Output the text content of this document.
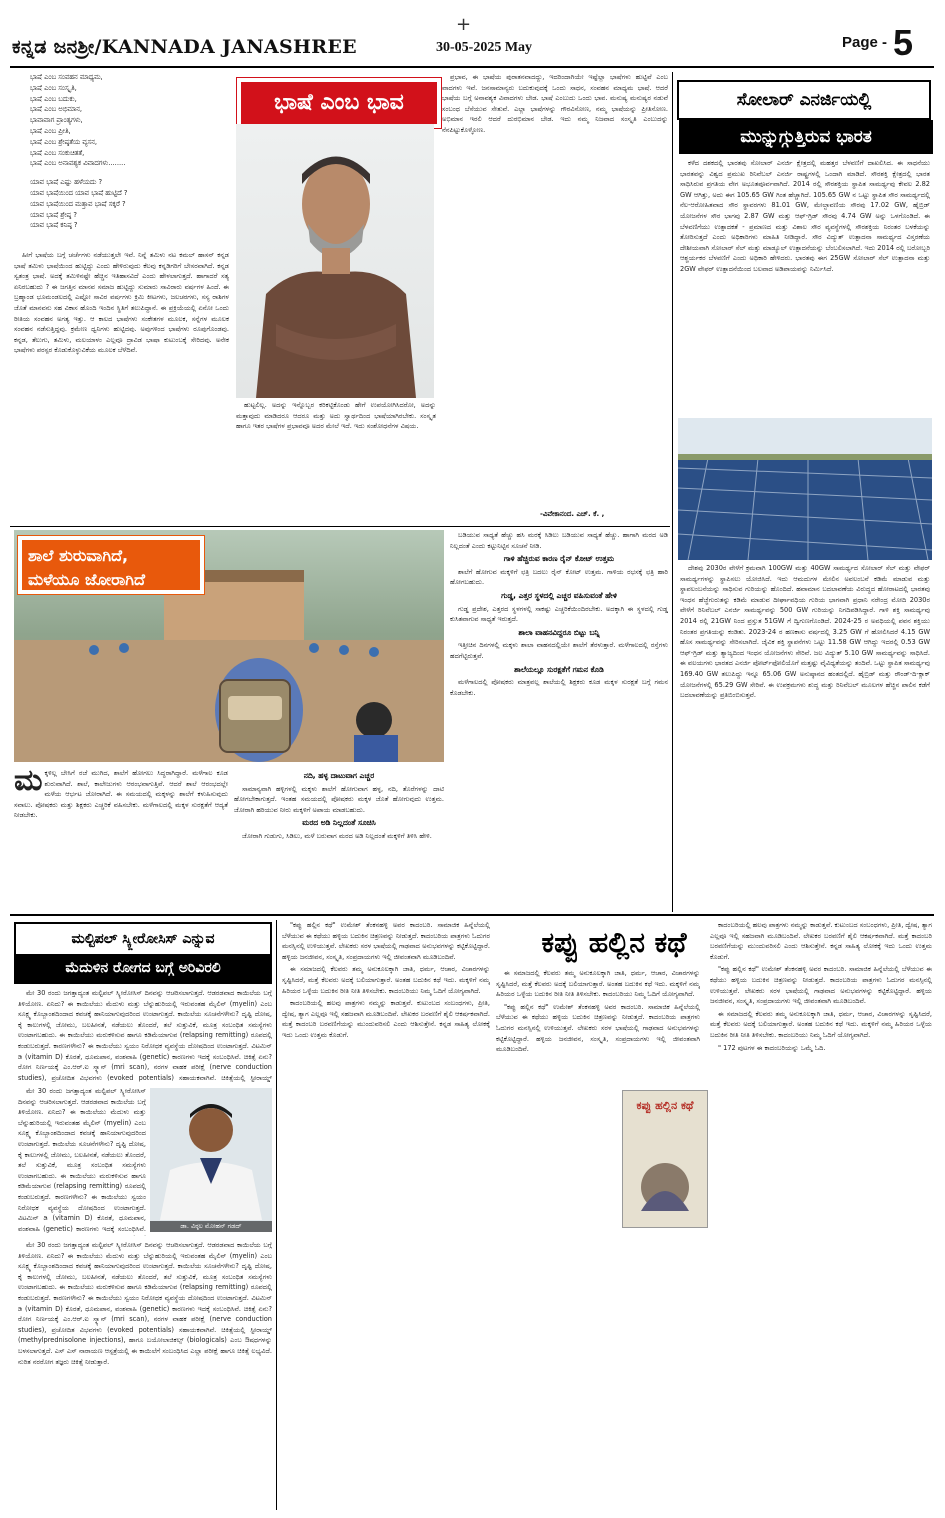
+
ಕನ್ನಡ ಜನಶ್ರೀ/KANNADA JANASHREE	30-05-2025 May	Page - 5
ಭಾಷೆ ಎಂಬ ಸಂವಹನ ಮಾಧ್ಯಮ,
ಭಾಷೆ ಎಂಬ ಸಂಸ್ಕೃತಿ,
ಭಾಷೆ ಎಂಬ ಬದುಕು,
ಭಾಷೆ ಎಂಬ ಅಭಿಮಾನ,
ಭಾವಾವಾಗ ಪ್ರಾಂತ್ಯಗಳು,
ಭಾಷೆ ಎಂಬ ಪ್ರೀತಿ,
ಭಾಷೆ ಎಂಬ ಶ್ರೇಷ್ಠತೆಯ ವ್ಯಸನ,
ಭಾಷೆ ಎಂಬ ಸಂಕುಚಿತತೆ,
ಭಾಷೆ ಎಂಬ ಅನಾವಶ್ಯಕ ವಿವಾದಗಳು........
ಯಾವ ಭಾಷೆ ಎಷ್ಟು ಹಳೆಯದು ?
ಯಾವ ಭಾಷೆಯಿಂದ ಯಾವ ಭಾಷೆ ಹುಟ್ಟಿದೆ ?
ಯಾವ ಭಾಷೆಯಿಂದ ಮತ್ತಾವ ಭಾಷೆ ಸಕ್ಕರೆ ?
ಯಾವ ಭಾಷೆ ಶ್ರೇಷ್ಠ ?
ಯಾವ ಭಾಷೆ ಕನಿಷ್ಠ ?

ಹೀಗೆ ಭಾಷೆಯ ಬಗ್ಗೆ ಚರ್ಚೆಗಳು ನಡೆಯುತ್ತಲೇ ಇವೆ. ನಿನ್ನೆ ತಮಿಳು ನಟ ಕಮಲ್ ಹಾಸನ್ ಕನ್ನಡ ಭಾಷೆ ತಮಿಳು ಭಾಷೆಯಿಂದ ಹುಟ್ಟಿದ್ದು ಎಂದು ಹೇಳಿರುವುದು ಕೆಲವು ಕನ್ನಡಿಗರಿಗೆ ಬೇಸರವಾಗಿದೆ. ಕನ್ನಡ ಸ್ವತಂತ್ರ ಭಾಷೆ. ಅದಕ್ಕೆ ತಮಿಳಿನಷ್ಟೇ ಹೆಚ್ಚಿನ ಇತಿಹಾಸವಿದೆ ಎಂದು ಹೇಳಲಾಗುತ್ತದೆ. ಹಾಗಾದರೆ ಸತ್ಯ ಏನಿರಬಹುದು ? ಈ ಜಗತ್ತಿನ ಮಾನವ ಸಮಾಜ ಹುಟ್ಟಿದ್ದು ಸುಮಾರು ಸಾವಿರಾರು ವರ್ಷಗಳ ಹಿಂದೆ. ಈ ಬ್ರಹ್ಮಾಂಡ ಭೂಮಂಡಲದಲ್ಲಿ ಎಷ್ಟೋ ಸಾವಿರ ವರ್ಷಗಳು ಕ್ರಿಮಿ ಕೀಟಗಳು, ಜಲಚರಗಳು, ಸಸ್ಯ ರಾಶಿಗಳ ಜೊತೆ ಮಾನವನು ಸಹ ವಿಕಾಸ ಹೊಂದಿ ಇಂದಿನ ಸ್ಥಿತಿಗೆ ತಲುಪಿದ್ದಾನೆ. ಈ ಪ್ರಕ್ರಿಯೆಯಲ್ಲಿ ಏನೋ ಒಂದು ರೀತಿಯ ಸಂವಹನ ಅಗತ್ಯ ಇತ್ತು. ಆ ಕಾಲದ ಭಾಷೆಗಳು ಸಂಕೇತಗಳ ಮೂಲಕ, ಸನ್ನೆಗಳ ಮೂಲಕ ಸಂವಹನ ನಡೆಸುತ್ತಿದ್ದವು. ಕ್ರಮೇಣ ಧ್ವನಿಗಳು ಹುಟ್ಟಿದವು. ಅವುಗಳಿಂದ ಭಾಷೆಗಳು ರೂಪುಗೊಂಡವು. ಕನ್ನಡ, ತೆಲುಗು, ತಮಿಳು, ಮಲಯಾಳಂ ಎಲ್ಲವೂ ದ್ರಾವಿಡ ಭಾಷಾ ಕುಟುಂಬಕ್ಕೆ ಸೇರಿದವು. ಅನೇಕ ಭಾಷೆಗಳು ಪರಸ್ಪರ ಕೊಡುಕೊಳ್ಳುವಿಕೆಯ ಮೂಲಕ ಬೆಳೆದಿವೆ.

ಭಾಷೆ ಎಂಬ ಭಾವ

ಹುಟ್ಟಲಿಲ್ಲ. ಅದನ್ನು ಇನ್ನೊಬ್ಬರ ಕರಿಕಟ್ಟಿಕೊಂಡು ಹೇಗೆ ಉಪಯೋಗಿಸಿದರೋ, ಅದನ್ನು ಮತ್ತಾವುದು ಮಾಡಿದರೂ ಆದರೂ ಮತ್ತು ಅದು ಸ್ವಾರ್ಥದಿಂದ ಭಾಷೆಯಾಗಿರಬೇಕು. ಸಂಸ್ಕೃತ ಹಾಗೂ ಇತರ ಭಾಷೆಗಳ ಪ್ರಭಾವವೂ ಅದರ ಮೇಲೆ ಇದೆ. ಇದು ಸಂಶೋಧನೆಗಳ ವಿಷಯ.

ಪ್ರಭಾವ, ಈ ಭಾಷೆಯ ಪುರಾತನವಾದದ್ದು, ಇದರಿಂದಾಗಿಯೇ ಇಷ್ಟೆಲ್ಲಾ ಭಾಷೆಗಳು ಹುಟ್ಟಿವೆ ಎಂಬ ವಾದಗಳು ಇವೆ. ಜನಸಾಮಾನ್ಯರು ಬದುಕುವುದಕ್ಕೆ ಒಂದು ಸಾಧನ, ಸಂವಹನ ಮಾಧ್ಯಮ ಭಾಷೆ. ಆದರೆ ಭಾಷೆಯ ಬಗ್ಗೆ ಅನಾವಶ್ಯಕ ವಿವಾದಗಳು ಬೇಡ. ಭಾಷೆ ಎಂಬುದು ಒಂದು ಭಾವ. ಮನುಷ್ಯ ಮನುಷ್ಯರ ನಡುವೆ ಸಂಬಂಧ ಬೆಸೆಯುವ ಸೇತುವೆ. ಎಲ್ಲಾ ಭಾಷೆಗಳನ್ನು ಗೌರವಿಸೋಣ, ನಮ್ಮ ಭಾಷೆಯನ್ನು ಪ್ರೀತಿಸೋಣ. ಅಭಿಮಾನ ಇರಲಿ ಆದರೆ ದುರಭಿಮಾನ ಬೇಡ. ಇದು ನಮ್ಮ ನಿಜವಾದ ಸಂಸ್ಕೃತಿ ಎಂಬುದನ್ನು ನೆನಪಿಟ್ಟುಕೊಳ್ಳೋಣ.

-ವಿವೇಕಾನಂದ. ಎಚ್. ಕೆ. ,
ಸೋಲಾರ್ ಎನರ್ಜಿಯಲ್ಲಿ
ಮುನ್ನುಗ್ಗುತ್ತಿರುವ ಭಾರತ

ಕಳೆದ ದಶಕದಲ್ಲಿ ಭಾರತವು ಸೋಲಾರ್ ಎನರ್ಜಿ ಕ್ಷೇತ್ರದಲ್ಲಿ ಮಹತ್ತರ ಬೆಳವಣಿಗೆ ದಾಖಲಿಸಿದ. ಈ ಸಾಧನೆಯು ಭಾರತವನ್ನು ವಿಶ್ವದ ಪ್ರಮುಖ ರಿನಿವೆಬಲ್ ಎನರ್ಜಿ ರಾಷ್ಟ್ರಗಳಲ್ಲಿ ಒಂದಾಗಿ ಮಾಡಿದೆ. ಸೌರಶಕ್ತಿ ಕ್ಷೇತ್ರದಲ್ಲಿ ಭಾರತ ಸಾಧಿಸಿರುವ ಪ್ರಗತಿಯ ವೇಗ ಅಭೂತಪೂರ್ವವಾಗಿದೆ. 2014 ರಲ್ಲಿ ಸೌರಶಕ್ತಿಯ ಸ್ಥಾಪಿತ ಸಾಮರ್ಥ್ಯವು ಕೇವಲ 2.82 GW ಆಗಿತ್ತು, ಅದು ಈಗ 105.65 GW ಗಿಂತ ಹೆಚ್ಚಾಗಿದೆ. 105.65 GW ನ ಒಟ್ಟು ಸ್ಥಾಪಿತ ಸೌರ ಸಾಮರ್ಥ್ಯದಲ್ಲಿ ನೆಲ-ಆರೋಹಿತವಾದ ಸೌರ ಸ್ಥಾವರಗಳು 81.01 GW, ಮೇಲ್ಛಾವಣಿಯ ಸೌರವು 17.02 GW, ಹೈಬ್ರಿಡ್ ಯೋಜನೆಗಳ ಸೌರ ಭಾಗವು 2.87 GW ಮತ್ತು ಆಫ್-ಗ್ರಿಡ್ ಸೌರವು 4.74 GW ಅನ್ನು ಒಳಗೊಂಡಿದೆ. ಈ ಬೆಳವಣಿಗೆಯು ಉತ್ಪಾದಕತೆ - ಪ್ರಮಾಣದ ಮತ್ತು ವಿಶಾಲ ಸೌರ ವ್ಯವಸ್ಥೆಗಳಲ್ಲಿ ಸೌರಶಕ್ತಿಯ ನಿರಂತರ ಬಳಕೆಯನ್ನು ತೋರಿಸುತ್ತದೆ ಎಂದು ಅಧಿಕಾರಿಗಳು ಮಾಹಿತಿ ನೀಡಿದ್ದಾರೆ. ಸೌರ ವಿದ್ಯುತ್ ಉತ್ಪಾದನಾ ಸಾಮರ್ಥ್ಯದ ವಿಸ್ತರಣೆಯ ದೇಶೀಯವಾಗಿ ಸೋಲಾರ್ ಸೆಲ್ ಮತ್ತು ಮಾಡ್ಯೂಲ್ ಉತ್ಪಾದನೆಯನ್ನು ಬೆಂಬಲಿಸಲಾಗಿದೆ. ಇದು 2014 ರಲ್ಲಿ ಬರೋಬ್ಬರಿ ಆಶ್ಚರ್ಯಕರ ಬೆಳವಣಿಗೆ ಎಂದು ಅಧಿಕಾರಿ ಹೇಳಿದರು. ಭಾರತವು ಈಗ 25GW ಸೋಲಾರ್ ಸೆಲ್ ಉತ್ಪಾದನಾ ಮತ್ತು 2GW ವೇಫರ್ ಉತ್ಪಾದನೆಯಿಂದ ಬಲವಾದ ಅಡಿಪಾಯವನ್ನು ನಿರ್ಮಿಸಿದೆ.

ದೇಶವು 2030ರ ವೇಳೆಗೆ ಕ್ರಮವಾಗಿ 100GW ಮತ್ತು 40GW ಸಾಮರ್ಥ್ಯದ ಸೋಲಾರ್ ಸೆಲ್ ಮತ್ತು ವೇಫರ್ ಸಾಮರ್ಥ್ಯಗಳನ್ನು ಸ್ಥಾಪಿಸಲು ಯೋಜಿಸಿದೆ. ಇದು ಆಮದುಗಳ ಮೇಲಿನ ಅವಲಂಬನೆ ಕಡಿಮೆ ಮಾಡುವ ಮತ್ತು ಸ್ಥಾಪಲಂಬನೆಯನ್ನು ಸಾಧಿಸುವ ಗುರಿಯನ್ನು ಹೊಂದಿದೆ. ಹವಾಮಾನ ಬದಲಾವಣೆಯ ವಿರುದ್ಧದ ಹೋರಾಟದಲ್ಲಿ ಭಾರತವು ಇಂಧನ ಹೆಜ್ಜೆಗುರುತನ್ನು ಕಡಿಮೆ ಮಾಡುವ ದೀರ್ಘಾವಧಿಯ ಗುರಿಯ ಭಾಗವಾಗಿ ಪ್ರಧಾನಿ ನರೇಂದ್ರ ಮೋದಿ 2030ರ ವೇಳೆಗೆ ರಿನಿವೆಬಲ್ ಎನರ್ಜಿ ಸಾಮರ್ಥ್ಯವನ್ನು 500 GW ಗುರಿಯನ್ನು ನಿಗದಿಪಡಿಸಿದ್ದಾರೆ. ಗಾಳಿ ಶಕ್ತಿ ಸಾಮರ್ಥ್ಯವು 2014 ರಲ್ಲಿ 21GW ನಿಂದ ಪ್ರಸ್ತುತ 51GW ಗೆ ದ್ವಿಗುಣಗೊಂಡಿದೆ. 2024-25 ರ ಅವಧಿಯಲ್ಲಿ ಪವನ ಶಕ್ತಿಯು ನಿರಂತರ ಪ್ರಗತಿಯನ್ನು ಕಂಡಿತು. 2023-24 ರ ಹಣಕಾಸು ವರ್ಷದಲ್ಲಿ 3.25 GW ಗೆ ಹೋಲಿಸಿದರೆ 4.15 GW ಹೊಸ ಸಾಮರ್ಥ್ಯವನ್ನು ಸೇರಿಸಲಾಗಿದೆ. ಜೈವಿಕ ಶಕ್ತಿ ಸ್ಥಾಪನೆಗಳು ಒಟ್ಟು 11.58 GW ಆಗಿದ್ದು ಇದರಲ್ಲಿ 0.53 GW ಆಫ್-ಗ್ರಿಡ್ ಮತ್ತು ತ್ಯಾಜ್ಯದಿಂದ ಇಂಧನ ಯೋಜನೆಗಳು ಸೇರಿವೆ. ಜಲ ವಿದ್ಯುತ್ 5.10 GW ಸಾಮರ್ಥ್ಯವನ್ನು ಸಾಧಿಸಿದೆ. ಈ ವಲಯಗಳು ಭಾರತದ ಎನರ್ಜಿ ಪೋರ್ಟ್‌ಫೋಲಿಯೊಗೆ ಮತ್ತಷ್ಟು ವೈವಿಧ್ಯತೆಯನ್ನು ತಂದಿವೆ. ಒಟ್ಟು ಸ್ಥಾಪಿತ ಸಾಮರ್ಥ್ಯವು 169.40 GW ತಲುಪಿದ್ದು ಇನ್ನೂ 65.06 GW ಅನುಷ್ಠಾನದ ಹಂತದಲ್ಲಿದೆ. ಹೈಬ್ರಿಡ್ ಮತ್ತು ರೌಂಡ್-ದಿ-ಕ್ಲಾಕ್ ಯೋಜನೆಗಳಲ್ಲಿ 65.29 GW ಸೇರಿವೆ. ಈ ಉಪಕ್ರಮಗಳು ಶುದ್ಧ ಮತ್ತು ರಿನಿವೆಬಲ್ ಮೂಲಗಳ ಹೆಚ್ಚಿನ ಪಾಲಿನ ಕಡೆಗೆ ಬದಲಾವಣೆಯನ್ನು ಪ್ರತಿಬಿಂಬಿಸುತ್ತವೆ.

ಶಾಲೆ ಶುರುವಾಗಿದೆ,
ಮಳೆಯೂ ಜೋರಾಗಿದೆ
ಮಕ್ಕಳಿಲ್ಲ ಬೇಸಿಗೆ ರಜೆ ಮುಗಿದ, ಶಾಲೆಗೆ ಹೋಗಲು ಸಿದ್ಧರಾಗಿದ್ದಾರೆ. ಮಳೆಗಾಲ ಕೂಡ ಶುರುವಾಗಿದೆ. ಶಾಲೆ, ಕಾಲೇಜುಗಳು ಆರಂಭವಾಗುತ್ತಿವೆ. ಆದರೆ ಶಾಲೆ ಆರಂಭದಲ್ಲೇ ಮಳೆಯ ಆರ್ಭಟ ಜೋರಾಗಿದೆ. ಈ ಸಮಯದಲ್ಲಿ ಮಕ್ಕಳನ್ನು ಶಾಲೆಗೆ ಕಳುಹಿಸುವುದು ಸವಾಲು. ಪೋಷಕರು ಮತ್ತು ಶಿಕ್ಷಕರು ಎಚ್ಚರಿಕೆ ವಹಿಸಬೇಕು. ಮಳೆಗಾಲದಲ್ಲಿ ಮಕ್ಕಳ ಸುರಕ್ಷತೆಗೆ ಆದ್ಯತೆ ನೀಡಬೇಕು.
ನದಿ, ಹಳ್ಳ ದಾಟುವಾಗ ಎಚ್ಚರ

ಸಾಮಾನ್ಯವಾಗಿ ಹಳ್ಳಿಗಳಲ್ಲಿ ಮಕ್ಕಳು ಶಾಲೆಗೆ ಹೋಗುವಾಗ ಹಳ್ಳ, ನದಿ, ತೊರೆಗಳನ್ನು ದಾಟಿ ಹೋಗಬೇಕಾಗುತ್ತದೆ. ಇಂತಹ ಸಮಯದಲ್ಲಿ ಪೋಷಕರು ಮಕ್ಕಳ ಜೊತೆ ಹೋಗುವುದು ಉತ್ತಮ. ಜೋರಾಗಿ ಹರಿಯುವ ನೀರು ಮಕ್ಕಳಿಗೆ ಅಪಾಯ ಮಾಡಬಹುದು.

ಮರದ ಅಡಿ ನಿಲ್ಲದಂತೆ ಸೂಚಿಸಿ

ಜೋರಾಗಿ ಗುಡುಗು, ಸಿಡಿಲು, ಮಳೆ ಬರುವಾಗ ಮರದ ಅಡಿ ನಿಲ್ಲದಂತೆ ಮಕ್ಕಳಿಗೆ ತಿಳಿಸಿ ಹೇಳಿ.

ಬಡಿಯುವ ಸಾಧ್ಯತೆ ಹೆಚ್ಚು ಹಸಿ ಮರಕ್ಕೆ ಸಿಡಿಲು ಬಡಿಯುವ ಸಾಧ್ಯತೆ ಹೆಚ್ಚು. ಹಾಗಾಗಿ ಮರದ ಅಡಿ ನಿಲ್ಲದಂತೆ ಎಂದು ಕಟ್ಟುನಿಟ್ಟಿನ ಸೂಚನೆ ನೀಡಿ.

ಗಾಳಿ ಹೆಚ್ಚಿರುವ ಕಾರಣ ರೈನ್ ಕೋಟ್ ಉತ್ತಮ

ಶಾಲೆಗೆ ಹೋಗುವ ಮಕ್ಕಳಿಗೆ ಛತ್ರಿ ಬದಲು ರೈನ್ ಕೋಟ್ ಉತ್ತಮ. ಗಾಳಿಯ ರಭಸಕ್ಕೆ ಛತ್ರಿ ಹಾರಿ ಹೋಗಬಹುದು.

ಗುಡ್ಡ, ಎತ್ತರ ಸ್ಥಳದಲ್ಲಿ ಎಚ್ಚರ ವಹಿಸುವಂತೆ ಹೇಳಿ

ಗುಡ್ಡ ಪ್ರದೇಶ, ಎತ್ತರದ ಸ್ಥಳಗಳಲ್ಲಿ ಸಾಕಷ್ಟು ಎಚ್ಚರಿಕೆಯಿಂದಿರಬೇಕು. ಅದಕ್ಕಾಗಿ ಈ ಸ್ಥಳದಲ್ಲಿ ಗುಡ್ಡ ಕುಸಿತವಾಗುವ ಸಾಧ್ಯತೆ ಇರುತ್ತದೆ.

ಶಾಲಾ ವಾಹನವಿದ್ದರೂ ಬಿಟ್ಟು ಬನ್ನಿ

ಇತ್ತೀಚಿನ ದಿನಗಳಲ್ಲಿ ಮಕ್ಕಳು ಶಾಲಾ ವಾಹನದಲ್ಲಿಯೇ ಶಾಲೆಗೆ ತೆರಳುತ್ತಾರೆ. ಮಳೆಗಾಲದಲ್ಲಿ ರಸ್ತೆಗಳು ಹದಗೆಟ್ಟಿರುತ್ತವೆ.

ಶಾಲೆಯಲ್ಲೂ ಸುರಕ್ಷತೆಗೆ ಗಮನ ಕೊಡಿ

ಮಳೆಗಾಲದಲ್ಲಿ ಪೋಷಕರು ಮಾತ್ರವಲ್ಲ ಶಾಲೆಯಲ್ಲಿ ಶಿಕ್ಷಕರು ಕೂಡ ಮಕ್ಕಳ ಸುರಕ್ಷತೆ ಬಗ್ಗೆ ಗಮನ ಕೊಡಬೇಕು.

ಮಲ್ಟಿಪಲ್ ಸ್ಕ್ಲೀರೋಸಿಸ್ ಎನ್ನುವ
ಮೆದುಳಿನ ರೋಗದ ಬಗ್ಗೆ ಅರಿವಿರಲಿ

ಮೇ 30 ರಂದು ಜಗತ್ತಾದ್ಯಂತ ಮಲ್ಟಿಪಲ್ ಸ್ಕ್ಲೀರೋಸಿಸ್ ದಿನವನ್ನು ಆಚರಿಸಲಾಗುತ್ತದೆ. ಆಡರಡವಾದ ಕಾಯಿಲೆಯ ಬಗ್ಗೆ ತಿಳಿಯೋಣ. ಏನಿದು? ಈ ಕಾಯಿಲೆಯು ಮೆದುಳು ಮತ್ತು ಬೆನ್ನುಹುರಿಯಲ್ಲಿ ಇರುವಂತಹ ಮೈಲಿನ್ (myelin) ಎಂಬ ಸೂಕ್ಷ್ಮ ಕೊಬ್ಬಾಂಶದಿಂದಾದ ಕವಚಕ್ಕೆ ಹಾನಿಯಾಗುವುದರಿಂದ ಉಂಟಾಗುತ್ತದೆ. ಕಾಯಿಲೆಯ ಸೂಚನೆಗಳೇನು? ದೃಷ್ಟಿ ದೋಷ, ಕೈ ಕಾಲುಗಳಲ್ಲಿ ಜೋಮು, ಬಲಹೀನತೆ, ನಡೆಯಲು ತೊಂದರೆ, ತಲೆ ಸುತ್ತುವಿಕೆ, ಮೂತ್ರ ಸಂಬಂಧಿತ ಸಮಸ್ಯೆಗಳು ಉಂಟಾಗಬಹುದು. ಈ ಕಾಯಿಲೆಯು ಮರುಕಳಿಸುವ ಹಾಗೂ ಕಡಿಮೆಯಾಗುವ (relapsing remitting) ರೂಪದಲ್ಲಿ ಕಂಡುಬರುತ್ತದೆ. ಕಾರಣಗಳೇನು? ಈ ಕಾಯಿಲೆಯು ಸ್ವಯಂ ನಿರೋಧಕ ವ್ಯವಸ್ಥೆಯ ದೋಷದಿಂದ ಉಂಟಾಗುತ್ತದೆ. ವಿಟಮಿನ್ ಡಿ (vitamin D) ಕೊರತೆ, ಧೂಮಪಾನ, ವಂಶವಾಹಿ (genetic) ಕಾರಣಗಳು ಇದಕ್ಕೆ ಸಂಬಂಧಿಸಿವೆ. ಚಿಕಿತ್ಸೆ ಏನು? ರೋಗ ನಿರ್ಣಯಕ್ಕೆ ಎಂ.ಆರ್.ಐ ಸ್ಕ್ಯಾನ್ (mri scan), ನರಗಳ ವಾಹಕ ಪರೀಕ್ಷೆ (nerve conduction studies), ಪ್ರಚೋದಿತ ವಿಭವಗಳು (evoked potentials) ಸಹಾಯಕವಾಗಿವೆ. ಚಿಕಿತ್ಸೆಯಲ್ಲಿ ಸ್ಟೀರಾಯ್ಡ್

ಮೇ 30 ರಂದು ಜಗತ್ತಾದ್ಯಂತ ಮಲ್ಟಿಪಲ್ ಸ್ಕ್ಲೀರೋಸಿಸ್ ದಿನವನ್ನು ಆಚರಿಸಲಾಗುತ್ತದೆ. ಆಡರಡವಾದ ಕಾಯಿಲೆಯ ಬಗ್ಗೆ ತಿಳಿಯೋಣ. ಏನಿದು? ಈ ಕಾಯಿಲೆಯು ಮೆದುಳು ಮತ್ತು ಬೆನ್ನುಹುರಿಯಲ್ಲಿ ಇರುವಂತಹ ಮೈಲಿನ್ (myelin) ಎಂಬ ಸೂಕ್ಷ್ಮ ಕೊಬ್ಬಾಂಶದಿಂದಾದ ಕವಚಕ್ಕೆ ಹಾನಿಯಾಗುವುದರಿಂದ ಉಂಟಾಗುತ್ತದೆ. ಕಾಯಿಲೆಯ ಸೂಚನೆಗಳೇನು? ದೃಷ್ಟಿ ದೋಷ, ಕೈ ಕಾಲುಗಳಲ್ಲಿ ಜೋಮು, ಬಲಹೀನತೆ, ನಡೆಯಲು ತೊಂದರೆ, ತಲೆ ಸುತ್ತುವಿಕೆ, ಮೂತ್ರ ಸಂಬಂಧಿತ ಸಮಸ್ಯೆಗಳು ಉಂಟಾಗಬಹುದು. ಈ ಕಾಯಿಲೆಯು ಮರುಕಳಿಸುವ ಹಾಗೂ ಕಡಿಮೆಯಾಗುವ (relapsing remitting) ರೂಪದಲ್ಲಿ ಕಂಡುಬರುತ್ತದೆ. ಕಾರಣಗಳೇನು? ಈ ಕಾಯಿಲೆಯು ಸ್ವಯಂ ನಿರೋಧಕ ವ್ಯವಸ್ಥೆಯ ದೋಷದಿಂದ ಉಂಟಾಗುತ್ತದೆ. ವಿಟಮಿನ್ ಡಿ (vitamin D) ಕೊರತೆ, ಧೂಮಪಾನ, ವಂಶವಾಹಿ (genetic) ಕಾರಣಗಳು ಇದಕ್ಕೆ ಸಂಬಂಧಿಸಿವೆ.	ಡಾ. ವಿಠ್ಠಲ ಮೋಹನ್ ಗಡದ್

ಮೇ 30 ರಂದು ಜಗತ್ತಾದ್ಯಂತ ಮಲ್ಟಿಪಲ್ ಸ್ಕ್ಲೀರೋಸಿಸ್ ದಿನವನ್ನು ಆಚರಿಸಲಾಗುತ್ತದೆ. ಆಡರಡವಾದ ಕಾಯಿಲೆಯ ಬಗ್ಗೆ ತಿಳಿಯೋಣ. ಏನಿದು? ಈ ಕಾಯಿಲೆಯು ಮೆದುಳು ಮತ್ತು ಬೆನ್ನುಹುರಿಯಲ್ಲಿ ಇರುವಂತಹ ಮೈಲಿನ್ (myelin) ಎಂಬ ಸೂಕ್ಷ್ಮ ಕೊಬ್ಬಾಂಶದಿಂದಾದ ಕವಚಕ್ಕೆ ಹಾನಿಯಾಗುವುದರಿಂದ ಉಂಟಾಗುತ್ತದೆ. ಕಾಯಿಲೆಯ ಸೂಚನೆಗಳೇನು? ದೃಷ್ಟಿ ದೋಷ, ಕೈ ಕಾಲುಗಳಲ್ಲಿ ಜೋಮು, ಬಲಹೀನತೆ, ನಡೆಯಲು ತೊಂದರೆ, ತಲೆ ಸುತ್ತುವಿಕೆ, ಮೂತ್ರ ಸಂಬಂಧಿತ ಸಮಸ್ಯೆಗಳು ಉಂಟಾಗಬಹುದು. ಈ ಕಾಯಿಲೆಯು ಮರುಕಳಿಸುವ ಹಾಗೂ ಕಡಿಮೆಯಾಗುವ (relapsing remitting) ರೂಪದಲ್ಲಿ ಕಂಡುಬರುತ್ತದೆ. ಕಾರಣಗಳೇನು? ಈ ಕಾಯಿಲೆಯು ಸ್ವಯಂ ನಿರೋಧಕ ವ್ಯವಸ್ಥೆಯ ದೋಷದಿಂದ ಉಂಟಾಗುತ್ತದೆ. ವಿಟಮಿನ್ ಡಿ (vitamin D) ಕೊರತೆ, ಧೂಮಪಾನ, ವಂಶವಾಹಿ (genetic) ಕಾರಣಗಳು ಇದಕ್ಕೆ ಸಂಬಂಧಿಸಿವೆ. ಚಿಕಿತ್ಸೆ ಏನು? ರೋಗ ನಿರ್ಣಯಕ್ಕೆ ಎಂ.ಆರ್.ಐ ಸ್ಕ್ಯಾನ್ (mri scan), ನರಗಳ ವಾಹಕ ಪರೀಕ್ಷೆ (nerve conduction studies), ಪ್ರಚೋದಿತ ವಿಭವಗಳು (evoked potentials) ಸಹಾಯಕವಾಗಿವೆ. ಚಿಕಿತ್ಸೆಯಲ್ಲಿ ಸ್ಟೀರಾಯ್ಡ್ (methylprednisolone injections), ಹಾಗೂ ಬಯೋಲಾಜಿಕಲ್ಸ್ (biologicals) ಎಂಬ ಔಷಧಗಳನ್ನು ಬಳಸಲಾಗುತ್ತದೆ. ಎಸ್ ಎಸ್ ನಾರಾಯಣ ಆಸ್ಪತ್ರೆಯಲ್ಲಿ ಈ ಕಾಯಿಲೆಗೆ ಸಂಬಂಧಿಸಿದ ಎಲ್ಲಾ ಪರೀಕ್ಷೆ ಹಾಗೂ ಚಿಕಿತ್ಸೆ ಲಭ್ಯವಿದೆ. ನುರಿತ ನರರೋಗ ತಜ್ಞರು ಚಿಕಿತ್ಸೆ ನೀಡುತ್ತಾರೆ.

ಕಪ್ಪು ಹಲ್ಲಿನ ಕಥೆ

"ಕಪ್ಪು ಹಲ್ಲಿನ ಕಥೆ" ಉಮೇಶ್ ತೆಂಕನಹಳ್ಳಿ ಅವರ ಕಾದಂಬರಿ. ಸಾಮಾಜಿಕ ಹಿನ್ನೆಲೆಯಲ್ಲಿ ಬೆಳೆಯುವ ಈ ಕಥೆಯು ಹಳ್ಳಿಯ ಬದುಕಿನ ಚಿತ್ರಣವನ್ನು ನೀಡುತ್ತದೆ. ಕಾದಂಬರಿಯ ಪಾತ್ರಗಳು ಓದುಗರ ಮನಸ್ಸಿನಲ್ಲಿ ಉಳಿಯುತ್ತವೆ. ಲೇಖಕರು ಸರಳ ಭಾಷೆಯಲ್ಲಿ ಗಾಢವಾದ ಅನುಭವಗಳನ್ನು ಕಟ್ಟಿಕೊಟ್ಟಿದ್ದಾರೆ. ಹಳ್ಳಿಯ ಜನಜೀವನ, ಸಂಸ್ಕೃತಿ, ಸಂಪ್ರದಾಯಗಳು ಇಲ್ಲಿ ಜೀವಂತವಾಗಿ ಮೂಡಿಬಂದಿವೆ.

ಈ ಸಮಾಜದಲ್ಲಿ ಕೆಲವರು ತಮ್ಮ ಅನುಕೂಲಕ್ಕಾಗಿ ಜಾತಿ, ಧರ್ಮ, ಆಚಾರ, ವಿಚಾರಗಳನ್ನು ಸೃಷ್ಟಿಸಿದರೆ, ಮತ್ತೆ ಕೆಲವರು ಅದಕ್ಕೆ ಬಲಿಯಾಗುತ್ತಾರೆ. ಅಂತಹ ಬದುಕಿನ ಕಥೆ ಇದು. ಮಕ್ಕಳಿಗೆ ನಮ್ಮ ಹಿರಿಯರ ಒಳ್ಳೆಯ ಬದುಕಿನ ರೀತಿ ನೀತಿ ತಿಳಿಸಬೇಕು. ಕಾದಂಬರಿಯು ನಿಮ್ಮ ಓದಿಗೆ ಯೋಗ್ಯವಾಗಿದೆ.

ಕಾದಂಬರಿಯಲ್ಲಿ ಹಲವು ಪಾತ್ರಗಳು ನಮ್ಮನ್ನು ಕಾಡುತ್ತವೆ. ಕುಟುಂಬದ ಸಂಬಂಧಗಳು, ಪ್ರೀತಿ, ದ್ವೇಷ, ತ್ಯಾಗ ಎಲ್ಲವೂ ಇಲ್ಲಿ ಸಹಜವಾಗಿ ಮೂಡಿಬಂದಿವೆ. ಲೇಖಕರ ಬರವಣಿಗೆ ಶೈಲಿ ಆಕರ್ಷಕವಾಗಿದೆ. ಮತ್ತೆ ಕಾದಂಬರಿ ಬರವಣಿಗೆಯನ್ನು ಮುಂದುವರಿಸಲಿ ಎಂದು ಆಶಿಸುತ್ತೇನೆ. ಕನ್ನಡ ಸಾಹಿತ್ಯ ಲೋಕಕ್ಕೆ ಇದು ಒಂದು ಉತ್ತಮ ಕೊಡುಗೆ.

ಈ ಸಮಾಜದಲ್ಲಿ ಕೆಲವರು ತಮ್ಮ ಅನುಕೂಲಕ್ಕಾಗಿ ಜಾತಿ, ಧರ್ಮ, ಆಚಾರ, ವಿಚಾರಗಳನ್ನು ಸೃಷ್ಟಿಸಿದರೆ, ಮತ್ತೆ ಕೆಲವರು ಅದಕ್ಕೆ ಬಲಿಯಾಗುತ್ತಾರೆ. ಅಂತಹ ಬದುಕಿನ ಕಥೆ ಇದು. ಮಕ್ಕಳಿಗೆ ನಮ್ಮ ಹಿರಿಯರ ಒಳ್ಳೆಯ ಬದುಕಿನ ರೀತಿ ನೀತಿ ತಿಳಿಸಬೇಕು. ಕಾದಂಬರಿಯು ನಿಮ್ಮ ಓದಿಗೆ ಯೋಗ್ಯವಾಗಿದೆ.

"ಕಪ್ಪು ಹಲ್ಲಿನ ಕಥೆ" ಉಮೇಶ್ ತೆಂಕನಹಳ್ಳಿ ಅವರ ಕಾದಂಬರಿ. ಸಾಮಾಜಿಕ ಹಿನ್ನೆಲೆಯಲ್ಲಿ ಬೆಳೆಯುವ ಈ ಕಥೆಯು ಹಳ್ಳಿಯ ಬದುಕಿನ ಚಿತ್ರಣವನ್ನು ನೀಡುತ್ತದೆ. ಕಾದಂಬರಿಯ ಪಾತ್ರಗಳು ಓದುಗರ ಮನಸ್ಸಿನಲ್ಲಿ ಉಳಿಯುತ್ತವೆ. ಲೇಖಕರು ಸರಳ ಭಾಷೆಯಲ್ಲಿ ಗಾಢವಾದ ಅನುಭವಗಳನ್ನು ಕಟ್ಟಿಕೊಟ್ಟಿದ್ದಾರೆ. ಹಳ್ಳಿಯ ಜನಜೀವನ, ಸಂಸ್ಕೃತಿ, ಸಂಪ್ರದಾಯಗಳು ಇಲ್ಲಿ ಜೀವಂತವಾಗಿ ಮೂಡಿಬಂದಿವೆ.

ಕಪ್ಪು ಹಲ್ಲಿನ ಕಥೆ

ಕಾದಂಬರಿಯಲ್ಲಿ ಹಲವು ಪಾತ್ರಗಳು ನಮ್ಮನ್ನು ಕಾಡುತ್ತವೆ. ಕುಟುಂಬದ ಸಂಬಂಧಗಳು, ಪ್ರೀತಿ, ದ್ವೇಷ, ತ್ಯಾಗ ಎಲ್ಲವೂ ಇಲ್ಲಿ ಸಹಜವಾಗಿ ಮೂಡಿಬಂದಿವೆ. ಲೇಖಕರ ಬರವಣಿಗೆ ಶೈಲಿ ಆಕರ್ಷಕವಾಗಿದೆ. ಮತ್ತೆ ಕಾದಂಬರಿ ಬರವಣಿಗೆಯನ್ನು ಮುಂದುವರಿಸಲಿ ಎಂದು ಆಶಿಸುತ್ತೇನೆ. ಕನ್ನಡ ಸಾಹಿತ್ಯ ಲೋಕಕ್ಕೆ ಇದು ಒಂದು ಉತ್ತಮ ಕೊಡುಗೆ.

"ಕಪ್ಪು ಹಲ್ಲಿನ ಕಥೆ" ಉಮೇಶ್ ತೆಂಕನಹಳ್ಳಿ ಅವರ ಕಾದಂಬರಿ. ಸಾಮಾಜಿಕ ಹಿನ್ನೆಲೆಯಲ್ಲಿ ಬೆಳೆಯುವ ಈ ಕಥೆಯು ಹಳ್ಳಿಯ ಬದುಕಿನ ಚಿತ್ರಣವನ್ನು ನೀಡುತ್ತದೆ. ಕಾದಂಬರಿಯ ಪಾತ್ರಗಳು ಓದುಗರ ಮನಸ್ಸಿನಲ್ಲಿ ಉಳಿಯುತ್ತವೆ. ಲೇಖಕರು ಸರಳ ಭಾಷೆಯಲ್ಲಿ ಗಾಢವಾದ ಅನುಭವಗಳನ್ನು ಕಟ್ಟಿಕೊಟ್ಟಿದ್ದಾರೆ. ಹಳ್ಳಿಯ ಜನಜೀವನ, ಸಂಸ್ಕೃತಿ, ಸಂಪ್ರದಾಯಗಳು ಇಲ್ಲಿ ಜೀವಂತವಾಗಿ ಮೂಡಿಬಂದಿವೆ.

ಈ ಸಮಾಜದಲ್ಲಿ ಕೆಲವರು ತಮ್ಮ ಅನುಕೂಲಕ್ಕಾಗಿ ಜಾತಿ, ಧರ್ಮ, ಆಚಾರ, ವಿಚಾರಗಳನ್ನು ಸೃಷ್ಟಿಸಿದರೆ, ಮತ್ತೆ ಕೆಲವರು ಅದಕ್ಕೆ ಬಲಿಯಾಗುತ್ತಾರೆ. ಅಂತಹ ಬದುಕಿನ ಕಥೆ ಇದು. ಮಕ್ಕಳಿಗೆ ನಮ್ಮ ಹಿರಿಯರ ಒಳ್ಳೆಯ ಬದುಕಿನ ರೀತಿ ನೀತಿ ತಿಳಿಸಬೇಕು. ಕಾದಂಬರಿಯು ನಿಮ್ಮ ಓದಿಗೆ ಯೋಗ್ಯವಾಗಿದೆ.

" 172 ಪುಟಗಳ ಈ ಕಾದಂಬರಿಯನ್ನು ಒಮ್ಮೆ ಓದಿ.
